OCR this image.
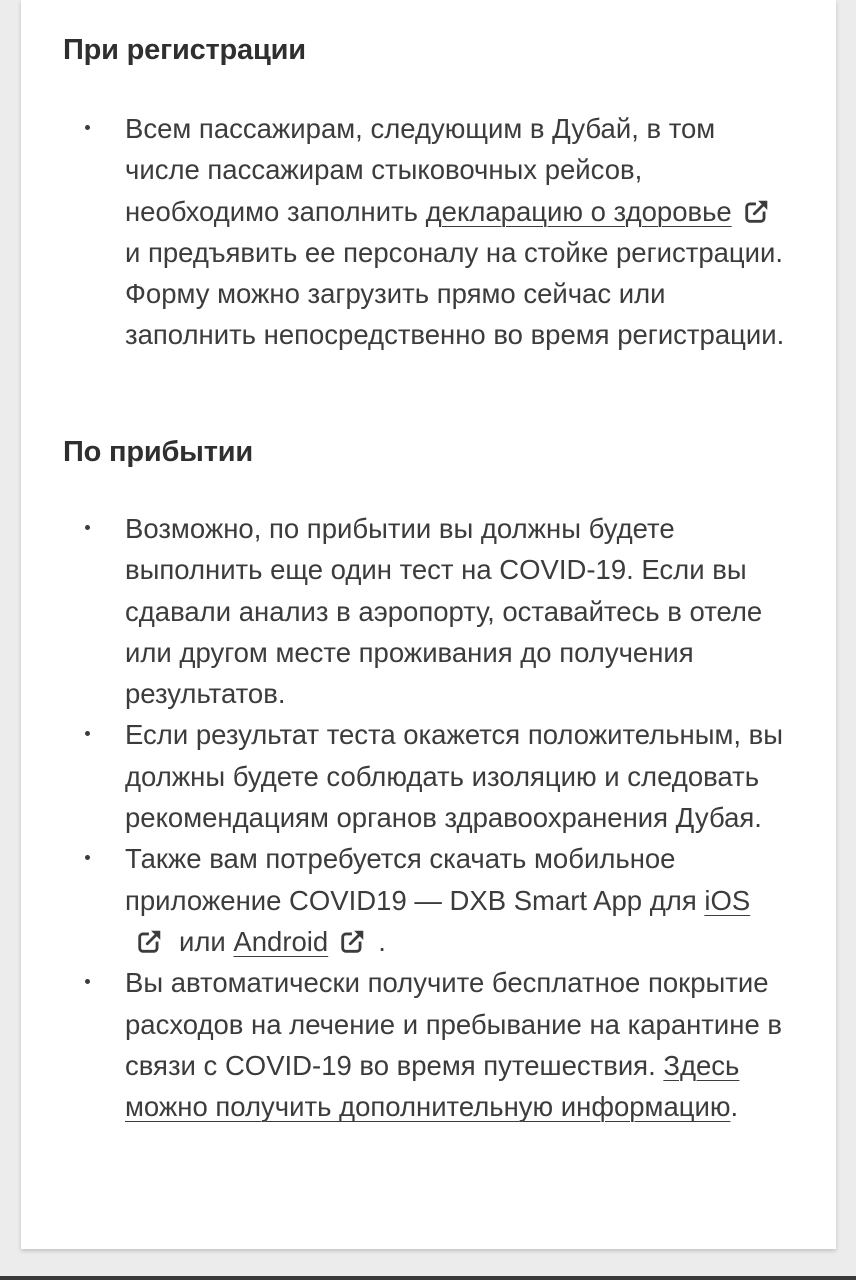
При регистрации
Всем пассажирам, следующим в Дубай, в том числе пассажирам стыковочных рейсов, необходимо заполнить декларацию о здоровьеи предъявить ее персоналу на стойке регистрации. Форму можно загрузить прямо сейчас или заполнить непосредственно во время регистрации.
По прибытии
Возможно, по прибытии вы должны будете выполнить еще один тест на COVID-19. Если вы сдавали анализ в аэропорту, оставайтесь в отеле или другом месте проживания до получения результатов.
Если результат теста окажется положительным, вы должны будете соблюдать изоляцию и следовать рекомендациям органов здравоохранения Дубая.
Также вам потребуется скачать мобильное приложение COVID19 — DXB Smart App для iOSили Android .
Вы автоматически получите бесплатное покрытие расходов на лечение и пребывание на карантине в связи с COVID-19 во время путешествия. Здесь можно получить дополнительную информацию.
